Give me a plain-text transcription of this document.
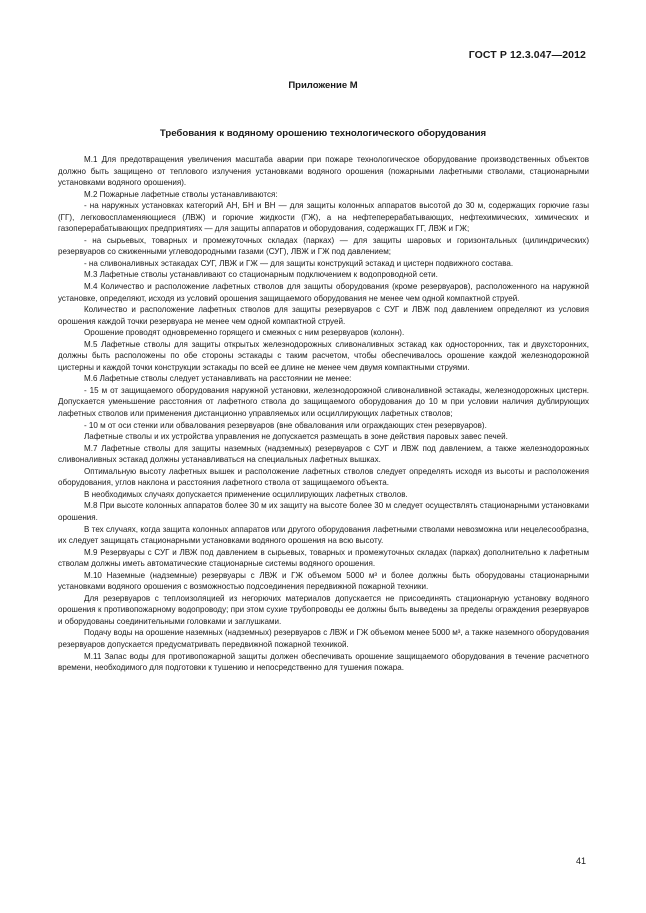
ГОСТ Р 12.3.047—2012
Приложение М
Требования к водяному орошению технологического оборудования

М.1 Для предотвращения увеличения масштаба аварии при пожаре технологическое оборудование производственных объектов должно быть защищено от теплового излучения установками водяного орошения (пожарными лафетными стволами, стационарными установками водяного орошения).

М.2 Пожарные лафетные стволы устанавливаются:

- на наружных установках категорий АН, БН и ВН — для защиты колонных аппаратов высотой до 30 м, содержащих горючие газы (ГГ), легковоспламеняющиеся (ЛВЖ) и горючие жидкости (ГЖ), а на нефтеперерабатывающих, нефтехимических, химических и газоперерабатывающих предприятиях — для защиты аппаратов и оборудования, содержащих ГГ, ЛВЖ и ГЖ;

- на сырьевых, товарных и промежуточных складах (парках) — для защиты шаровых и горизонтальных (цилиндрических) резервуаров со сжиженными углеводородными газами (СУГ), ЛВЖ и ГЖ под давлением;

- на сливоналивных эстакадах СУГ, ЛВЖ и ГЖ — для защиты конструкций эстакад и цистерн подвижного состава.

М.3 Лафетные стволы устанавливают со стационарным подключением к водопроводной сети.

М.4 Количество и расположение лафетных стволов для защиты оборудования (кроме резервуаров), расположенного на наружной установке, определяют, исходя из условий орошения защищаемого оборудования не менее чем одной компактной струей.

Количество и расположение лафетных стволов для защиты резервуаров с СУГ и ЛВЖ под давлением определяют из условия орошения каждой точки резервуара не менее чем одной компактной струей.

Орошение проводят одновременно горящего и смежных с ним резервуаров (колонн).

М.5 Лафетные стволы для защиты открытых железнодорожных сливоналивных эстакад как односторонних, так и двухсторонних, должны быть расположены по обе стороны эстакады с таким расчетом, чтобы обеспечивалось орошение каждой железнодорожной цистерны и каждой точки конструкции эстакады по всей ее длине не менее чем двумя компактными струями.

М.6 Лафетные стволы следует устанавливать на расстоянии не менее:

- 15 м от защищаемого оборудования наружной установки, железнодорожной сливоналивной эстакады, железнодорожных цистерн. Допускается уменьшение расстояния от лафетного ствола до защищаемого оборудования до 10 м при условии наличия дублирующих лафетных стволов или применения дистанционно управляемых или осциллирующих лафетных стволов;

- 10 м от оси стенки или обвалования резервуаров (вне обвалования или ограждающих стен резервуаров).

Лафетные стволы и их устройства управления не допускается размещать в зоне действия паровых завес печей.

М.7 Лафетные стволы для защиты наземных (надземных) резервуаров с СУГ и ЛВЖ под давлением, а также железнодорожных сливоналивных эстакад должны устанавливаться на специальных лафетных вышках.

Оптимальную высоту лафетных вышек и расположение лафетных стволов следует определять исходя из высоты и расположения оборудования, углов наклона и расстояния лафетного ствола от защищаемого объекта.

В необходимых случаях допускается применение осциллирующих лафетных стволов.

М.8 При высоте колонных аппаратов более 30 м их защиту на высоте более 30 м следует осуществлять стационарными установками орошения.

В тех случаях, когда защита колонных аппаратов или другого оборудования лафетными стволами невозможна или нецелесообразна, их следует защищать стационарными установками водяного орошения на всю высоту.

М.9 Резервуары с СУГ и ЛВЖ под давлением в сырьевых, товарных и промежуточных складах (парках) дополнительно к лафетным стволам должны иметь автоматические стационарные системы водяного орошения.

М.10 Наземные (надземные) резервуары с ЛВЖ и ГЖ объемом 5000 м³ и более должны быть оборудованы стационарными установками водяного орошения с возможностью подсоединения передвижной пожарной техники.

Для резервуаров с теплоизоляцией из негорючих материалов допускается не присоединять стационарную установку водяного орошения к противопожарному водопроводу; при этом сухие трубопроводы ее должны быть выведены за пределы ограждения резервуаров и оборудованы соединительными головками и заглушками.

Подачу воды на орошение наземных (надземных) резервуаров с ЛВЖ и ГЖ объемом менее 5000 м³, а также наземного оборудования резервуаров допускается предусматривать передвижной пожарной техникой.

М.11 Запас воды для противопожарной защиты должен обеспечивать орошение защищаемого оборудования в течение расчетного времени, необходимого для подготовки к тушению и непосредственно для тушения пожара.

41
